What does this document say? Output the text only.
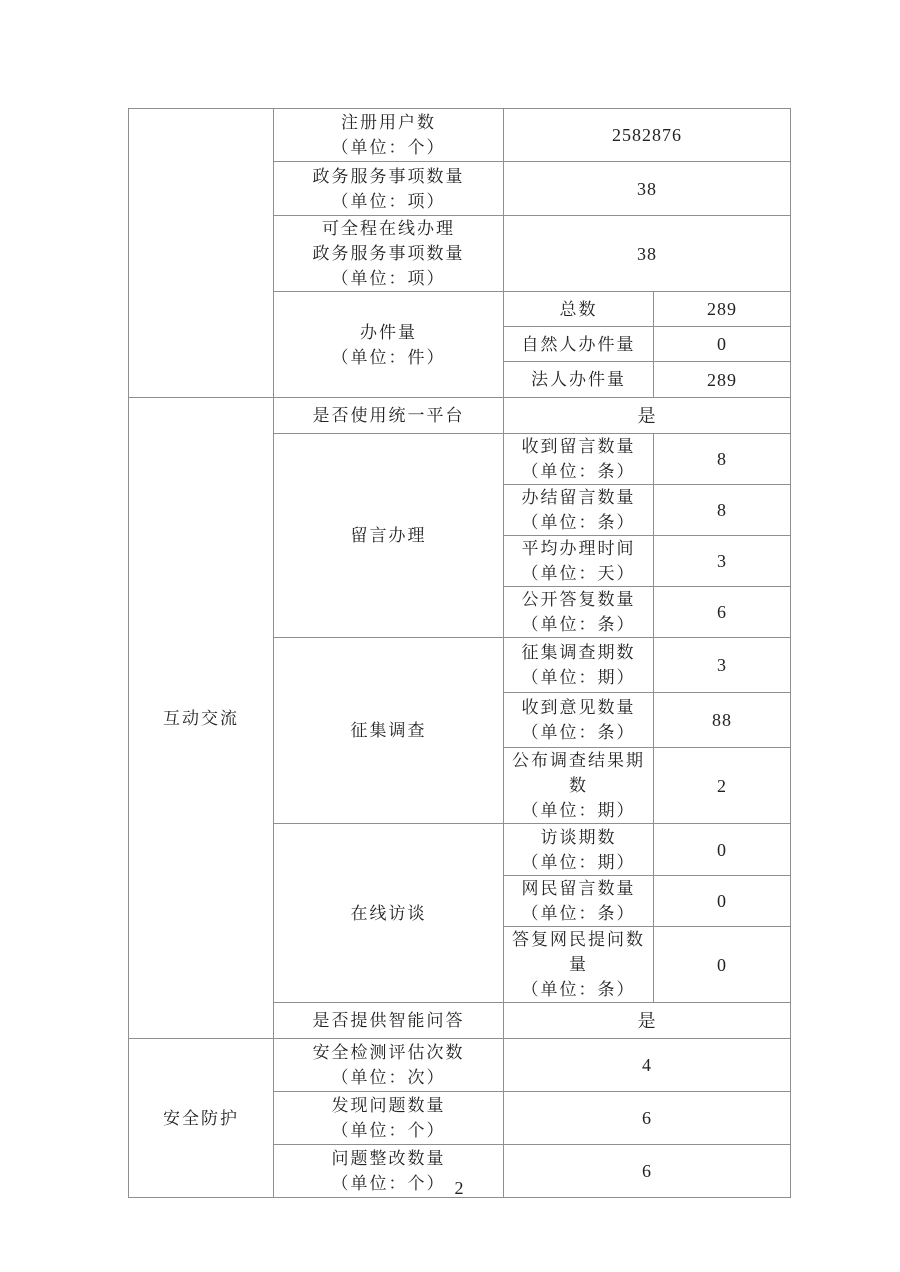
	注册用户数
（单位：个）	2582876	

	政务服务事项数量
（单位：项）	38	

	可全程在线办理
政务服务事项数量
（单位：项）	38	

	办件量
（单位：件）	总数	289
		自然人办件量	0
		法人办件量	289
互动交流	是否使用统一平台	是	
	留言办理	收到留言数量
（单位：条）	8

		办结留言数量
（单位：条）	8

		平均办理时间
（单位：天）	3

		公开答复数量
（单位：条）	6
	征集调查	征集调查期数
（单位：期）	3

		收到意见数量
（单位：条）	88

		公布调查结果期数
（单位：期）	2
	在线访谈	访谈期数
（单位：期）	0

		网民留言数量
（单位：条）	0

		答复网民提问数量
（单位：条）	0
	是否提供智能问答	是	
安全防护	安全检测评估次数
（单位：次）	4	

	发现问题数量
（单位：个）	6	

	问题整改数量
（单位：个）	6	
2
